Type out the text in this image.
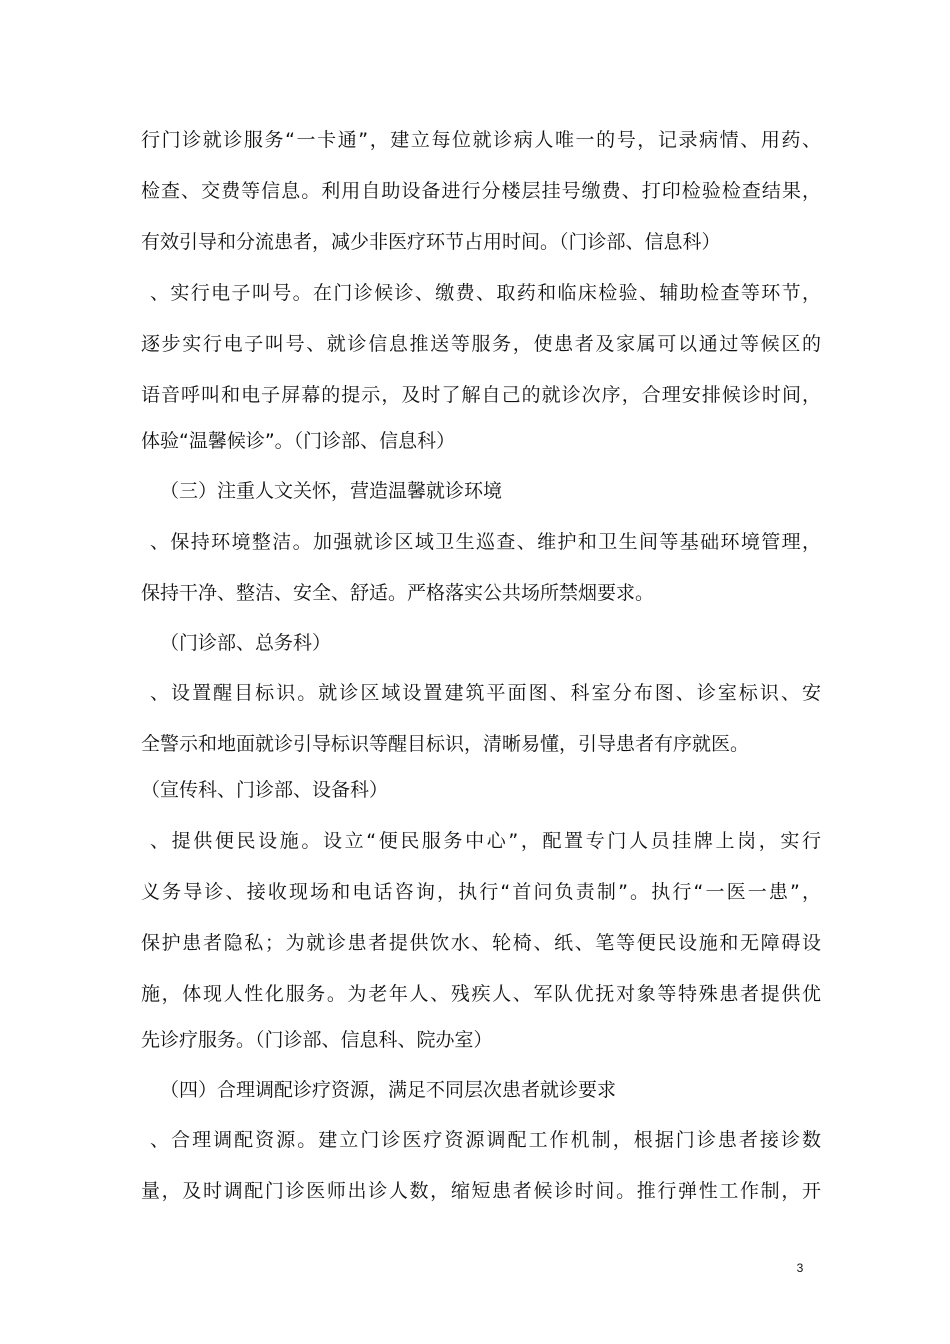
行门诊就诊服务“一卡通”，建立每位就诊病人唯一的号，记录病情、用药、
检查、交费等信息。利用自助设备进行分楼层挂号缴费、打印检验检查结果，
有效引导和分流患者，减少非医疗环节占用时间。（门诊部、信息科）
、实行电子叫号。在门诊候诊、缴费、取药和临床检验、辅助检查等环节，
逐步实行电子叫号、就诊信息推送等服务，使患者及家属可以通过等候区的
语音呼叫和电子屏幕的提示，及时了解自己的就诊次序，合理安排候诊时间，
体验“温馨候诊”。（门诊部、信息科）
（三）注重人文关怀，营造温馨就诊环境
、保持环境整洁。加强就诊区域卫生巡查、维护和卫生间等基础环境管理，
保持干净、整洁、安全、舒适。严格落实公共场所禁烟要求。
（门诊部、总务科）
、设置醒目标识。就诊区域设置建筑平面图、科室分布图、诊室标识、安
全警示和地面就诊引导标识等醒目标识，清晰易懂，引导患者有序就医。
（宣传科、门诊部、设备科）
、提供便民设施。设立“便民服务中心”，配置专门人员挂牌上岗，实行
义务导诊、接收现场和电话咨询，执行“首问负责制”。执行“一医一患”，
保护患者隐私；为就诊患者提供饮水、轮椅、纸、笔等便民设施和无障碍设
施，体现人性化服务。为老年人、残疾人、军队优抚对象等特殊患者提供优
先诊疗服务。（门诊部、信息科、院办室）
（四）合理调配诊疗资源，满足不同层次患者就诊要求
、合理调配资源。建立门诊医疗资源调配工作机制，根据门诊患者接诊数
量，及时调配门诊医师出诊人数，缩短患者候诊时间。推行弹性工作制，开
3
